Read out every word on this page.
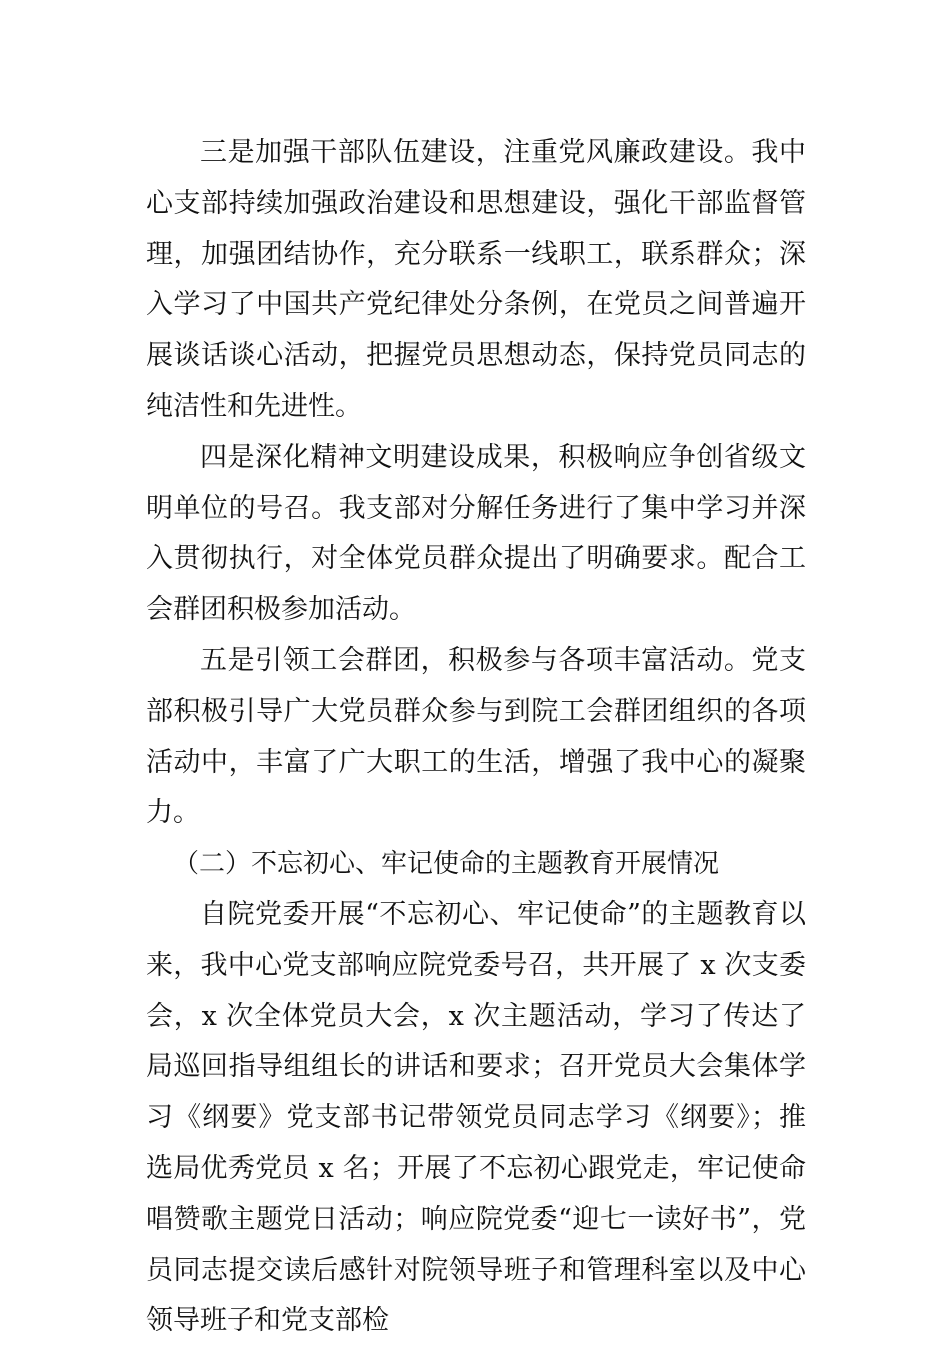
三是加强干部队伍建设，注重党风廉政建设。我中心支部持续加强政治建设和思想建设，强化干部监督管理，加强团结协作，充分联系一线职工，联系群众；深入学习了中国共产党纪律处分条例，在党员之间普遍开展谈话谈心活动，把握党员思想动态，保持党员同志的纯洁性和先进性。

四是深化精神文明建设成果，积极响应争创省级文明单位的号召。我支部对分解任务进行了集中学习并深入贯彻执行，对全体党员群众提出了明确要求。配合工会群团积极参加活动。

五是引领工会群团，积极参与各项丰富活动。党支部积极引导广大党员群众参与到院工会群团组织的各项活动中，丰富了广大职工的生活，增强了我中心的凝聚力。

（二）不忘初心、牢记使命的主题教育开展情况

自院党委开展“不忘初心、牢记使命”的主题教育以来，我中心党支部响应院党委号召，共开展了 x 次支委会，x 次全体党员大会，x 次主题活动，学习了传达了局巡回指导组组长的讲话和要求；召开党员大会集体学习《纲要》党支部书记带领党员同志学习《纲要》；推选局优秀党员 x 名；开展了不忘初心跟党走，牢记使命唱赞歌主题党日活动；响应院党委“迎七一读好书”，党员同志提交读后感针对院领导班子和管理科室以及中心领导班子和党支部检
